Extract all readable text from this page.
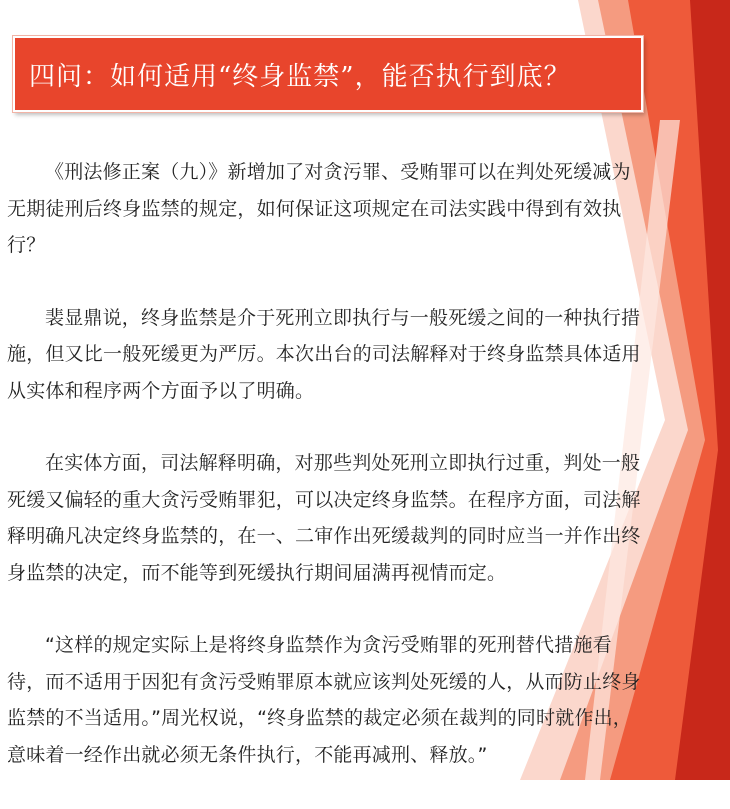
四问：如何适用“终身监禁”，能否执行到底？

《刑法修正案（九）》新增加了对贪污罪、受贿罪可以在判处死缓减为无期徒刑后终身监禁的规定，如何保证这项规定在司法实践中得到有效执行？

裴显鼎说，终身监禁是介于死刑立即执行与一般死缓之间的一种执行措施，但又比一般死缓更为严厉。本次出台的司法解释对于终身监禁具体适用从实体和程序两个方面予以了明确。

在实体方面，司法解释明确，对那些判处死刑立即执行过重，判处一般死缓又偏轻的重大贪污受贿罪犯，可以决定终身监禁。在程序方面，司法解释明确凡决定终身监禁的，在一、二审作出死缓裁判的同时应当一并作出终身监禁的决定，而不能等到死缓执行期间届满再视情而定。

“这样的规定实际上是将终身监禁作为贪污受贿罪的死刑替代措施看待，而不适用于因犯有贪污受贿罪原本就应该判处死缓的人，从而防止终身监禁的不当适用。”周光权说，“终身监禁的裁定必须在裁判的同时就作出，意味着一经作出就必须无条件执行，不能再减刑、释放。”
